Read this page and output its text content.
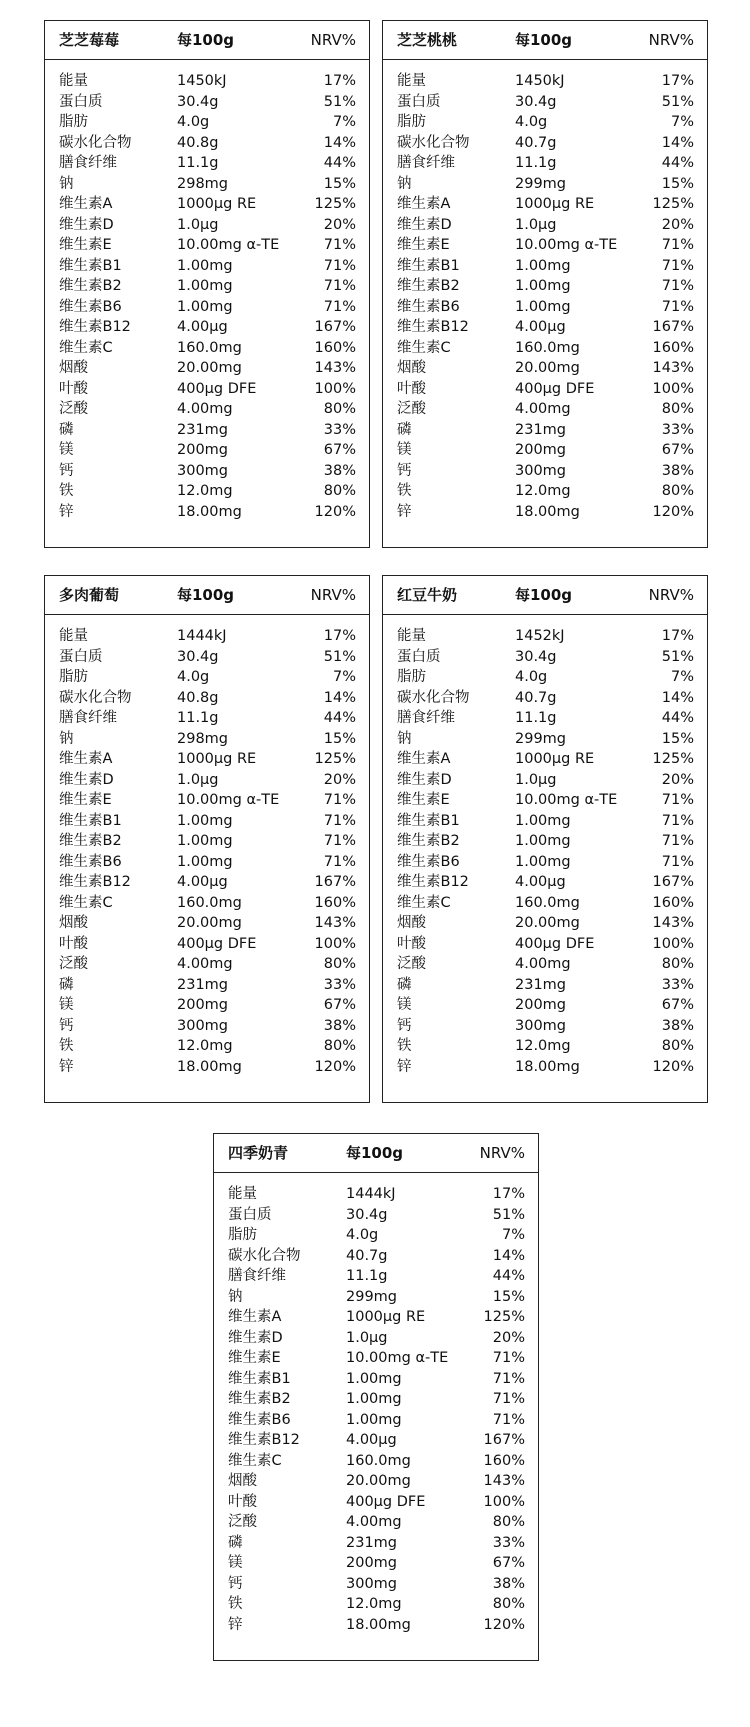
芝芝莓莓	每100g	NRV%
能量	1450kJ	17%
蛋白质	30.4g	51%
脂肪	4.0g	7%
碳水化合物	40.8g	14%
膳食纤维	11.1g	44%
钠	298mg	15%
维生素A	1000μg RE	125%
维生素D	1.0μg	20%
维生素E	10.00mg α-TE	71%
维生素B1	1.00mg	71%
维生素B2	1.00mg	71%
维生素B6	1.00mg	71%
维生素B12	4.00μg	167%
维生素C	160.0mg	160%
烟酸	20.00mg	143%
叶酸	400μg DFE	100%
泛酸	4.00mg	80%
磷	231mg	33%
镁	200mg	67%
钙	300mg	38%
铁	12.0mg	80%
锌	18.00mg	120%
芝芝桃桃	每100g	NRV%
能量	1450kJ	17%
蛋白质	30.4g	51%
脂肪	4.0g	7%
碳水化合物	40.7g	14%
膳食纤维	11.1g	44%
钠	299mg	15%
维生素A	1000μg RE	125%
维生素D	1.0μg	20%
维生素E	10.00mg α-TE	71%
维生素B1	1.00mg	71%
维生素B2	1.00mg	71%
维生素B6	1.00mg	71%
维生素B12	4.00μg	167%
维生素C	160.0mg	160%
烟酸	20.00mg	143%
叶酸	400μg DFE	100%
泛酸	4.00mg	80%
磷	231mg	33%
镁	200mg	67%
钙	300mg	38%
铁	12.0mg	80%
锌	18.00mg	120%
多肉葡萄	每100g	NRV%
能量	1444kJ	17%
蛋白质	30.4g	51%
脂肪	4.0g	7%
碳水化合物	40.8g	14%
膳食纤维	11.1g	44%
钠	298mg	15%
维生素A	1000μg RE	125%
维生素D	1.0μg	20%
维生素E	10.00mg α-TE	71%
维生素B1	1.00mg	71%
维生素B2	1.00mg	71%
维生素B6	1.00mg	71%
维生素B12	4.00μg	167%
维生素C	160.0mg	160%
烟酸	20.00mg	143%
叶酸	400μg DFE	100%
泛酸	4.00mg	80%
磷	231mg	33%
镁	200mg	67%
钙	300mg	38%
铁	12.0mg	80%
锌	18.00mg	120%
红豆牛奶	每100g	NRV%
能量	1452kJ	17%
蛋白质	30.4g	51%
脂肪	4.0g	7%
碳水化合物	40.7g	14%
膳食纤维	11.1g	44%
钠	299mg	15%
维生素A	1000μg RE	125%
维生素D	1.0μg	20%
维生素E	10.00mg α-TE	71%
维生素B1	1.00mg	71%
维生素B2	1.00mg	71%
维生素B6	1.00mg	71%
维生素B12	4.00μg	167%
维生素C	160.0mg	160%
烟酸	20.00mg	143%
叶酸	400μg DFE	100%
泛酸	4.00mg	80%
磷	231mg	33%
镁	200mg	67%
钙	300mg	38%
铁	12.0mg	80%
锌	18.00mg	120%
四季奶青	每100g	NRV%
能量	1444kJ	17%
蛋白质	30.4g	51%
脂肪	4.0g	7%
碳水化合物	40.7g	14%
膳食纤维	11.1g	44%
钠	299mg	15%
维生素A	1000μg RE	125%
维生素D	1.0μg	20%
维生素E	10.00mg α-TE	71%
维生素B1	1.00mg	71%
维生素B2	1.00mg	71%
维生素B6	1.00mg	71%
维生素B12	4.00μg	167%
维生素C	160.0mg	160%
烟酸	20.00mg	143%
叶酸	400μg DFE	100%
泛酸	4.00mg	80%
磷	231mg	33%
镁	200mg	67%
钙	300mg	38%
铁	12.0mg	80%
锌	18.00mg	120%
